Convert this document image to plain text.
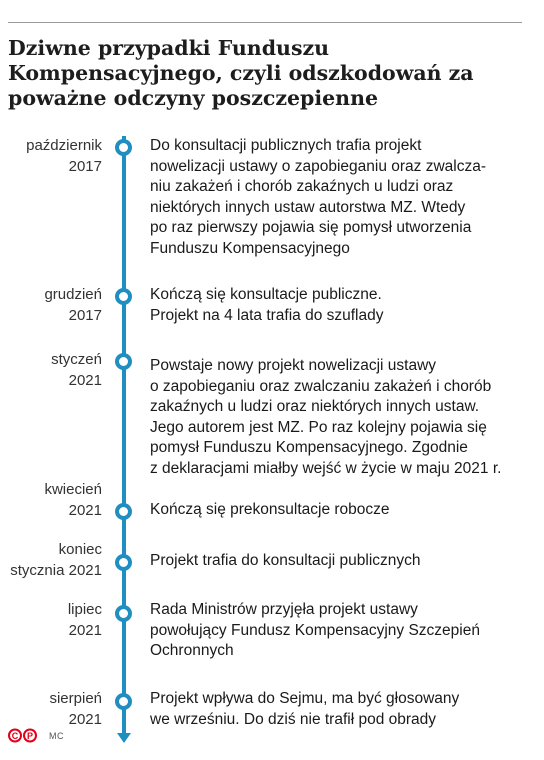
Dziwne przypadki Funduszu Kompensacyjnego, czyli odszkodowań za poważne odczyny poszczepienne
październik
2017
Do konsultacji publicznych trafia projekt
nowelizacji ustawy o zapobieganiu oraz zwalcza-
niu zakażeń i chorób zakaźnych u ludzi oraz
niektórych innych ustaw autorstwa MZ. Wtedy
po raz pierwszy pojawia się pomysł utworzenia
Funduszu Kompensacyjnego
grudzień
2017
Kończą się konsultacje publiczne.
Projekt na 4 lata trafia do szuflady
styczeń
2021
Powstaje nowy projekt nowelizacji ustawy
o zapobieganiu oraz zwalczaniu zakażeń i chorób
zakaźnych u ludzi oraz niektórych innych ustaw.
Jego autorem jest MZ. Po raz kolejny pojawia się
pomysł Funduszu Kompensacyjnego. Zgodnie
z deklaracjami miałby wejść w życie w maju 2021 r.
kwiecień
2021	Kończą się prekonsultacje robocze
koniec
stycznia 2021
Projekt trafia do konsultacji publicznych
lipiec
2021
Rada Ministrów przyjęła projekt ustawy
powołujący Fundusz Kompensacyjny Szczepień
Ochronnych
sierpień
2021
Projekt wpływa do Sejmu, ma być głosowany
we wrześniu. Do dziś nie trafił pod obrady
C P MC
